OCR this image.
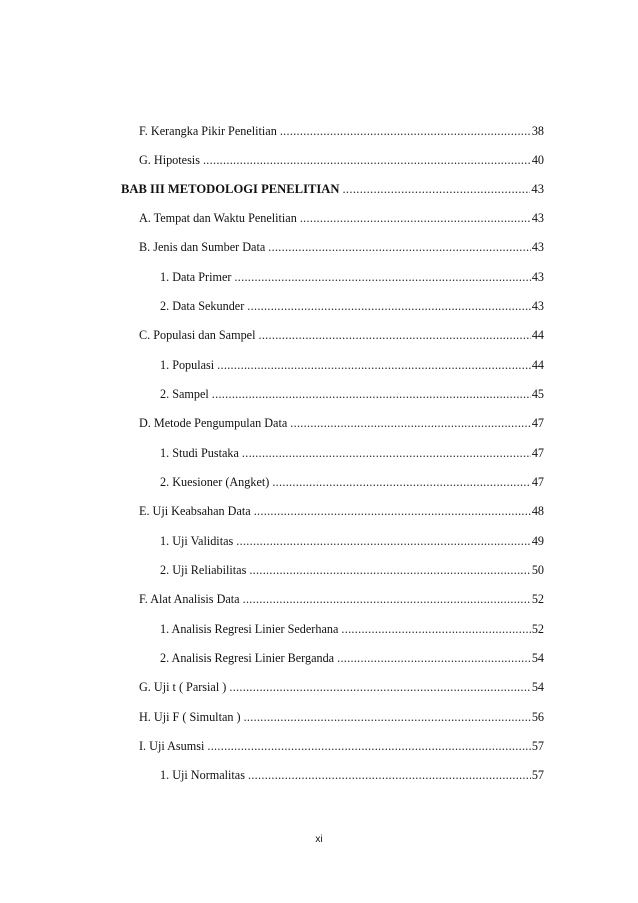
F. Kerangka Pikir Penelitian .....	38
G. Hipotesis .....	40
BAB III METODOLOGI PENELITIAN .....	43
A. Tempat dan Waktu Penelitian .....	43
B. Jenis dan Sumber Data .....	43
1. Data Primer .....	43
2. Data Sekunder .....	43
C. Populasi dan Sampel .....	44
1. Populasi .....	44
2. Sampel .....	45
D. Metode Pengumpulan Data .....	47
1. Studi Pustaka .....	47
2. Kuesioner (Angket) .....	47
E. Uji Keabsahan Data .....	48
1. Uji Validitas .....	49
2. Uji Reliabilitas .....	50
F. Alat Analisis Data .....	52
1. Analisis Regresi Linier Sederhana .....	52
2. Analisis Regresi Linier Berganda .....	54
G. Uji t ( Parsial ) .....	54
H. Uji F ( Simultan ) .....	56
I. Uji Asumsi .....	57
1. Uji Normalitas .....	57
xi
